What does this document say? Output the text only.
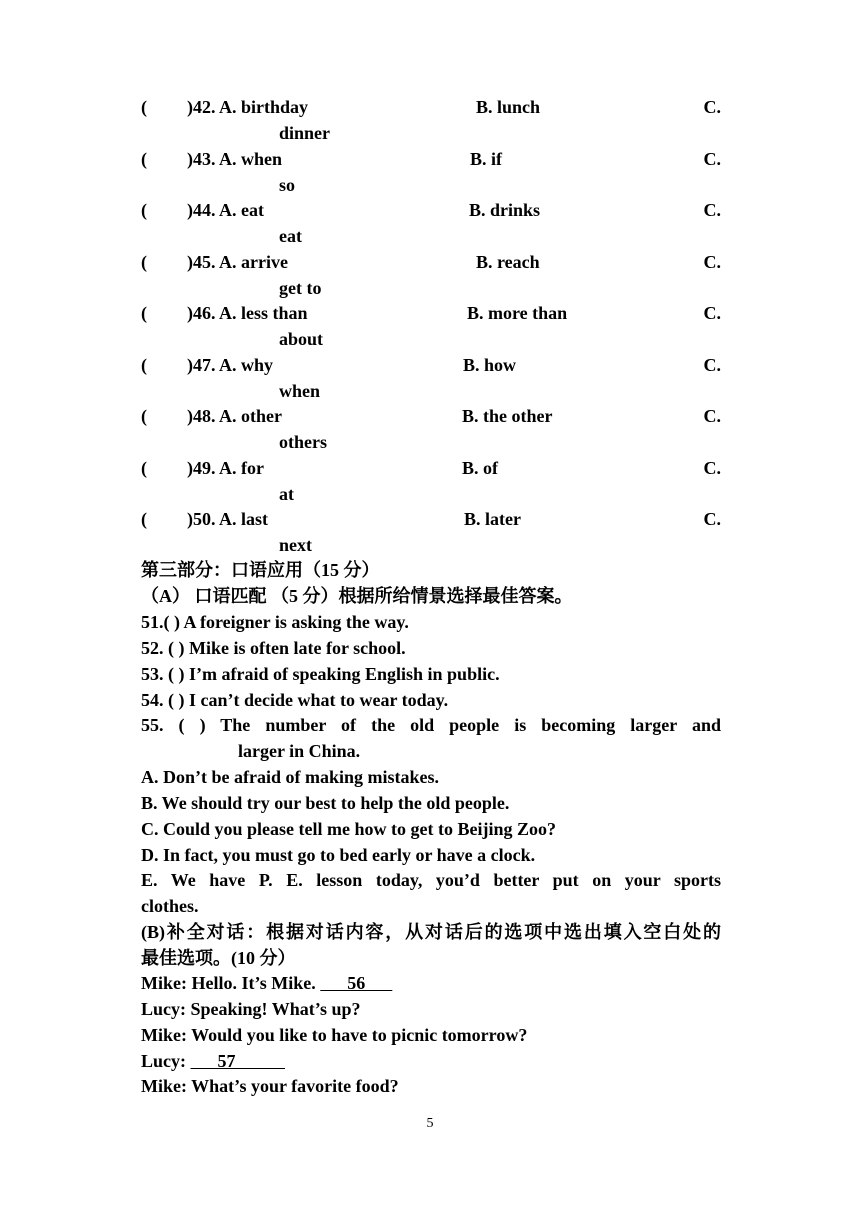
( )42. A. birthday	B. lunch	C.
dinner
( )43. A. when	B. if	C.
so
( )44. A. eat	B. drinks	C.
eat
( )45. A. arrive	B. reach	C.
get to
( )46. A. less than	B. more than	C.
about
( )47. A. why	B. how	C.
when
( )48. A. other	B. the other	C.
others
( )49. A. for	B. of	C.
at
( )50. A. last	B. later	C.
next
第三部分：口语应用（15 分）
（A） 口语匹配 （5 分）根据所给情景选择最佳答案。
51.( ) A foreigner is asking the way.
52. ( ) Mike is often late for school.
53. ( ) I’m afraid of speaking English in public.
54. ( ) I can’t decide what to wear today.
55. ( ) The number of the old people is becoming larger and
larger in China.
A. Don’t be afraid of making mistakes.
B. We should try our best to help the old people.
C. Could you please tell me how to get to Beijing Zoo?
D. In fact, you must go to bed early or have a clock.
E. We have P. E. lesson today, you’d better put on your sports
clothes.
(B)补全对话：根据对话内容，从对话后的选项中选出填入空白处的
最佳选项。(10 分）
Mike: Hello. It’s Mike.       56
Lucy: Speaking! What’s up?
Mike: Would you like to have to picnic tomorrow?
Lucy:       57
Mike: What’s your favorite food?
5
